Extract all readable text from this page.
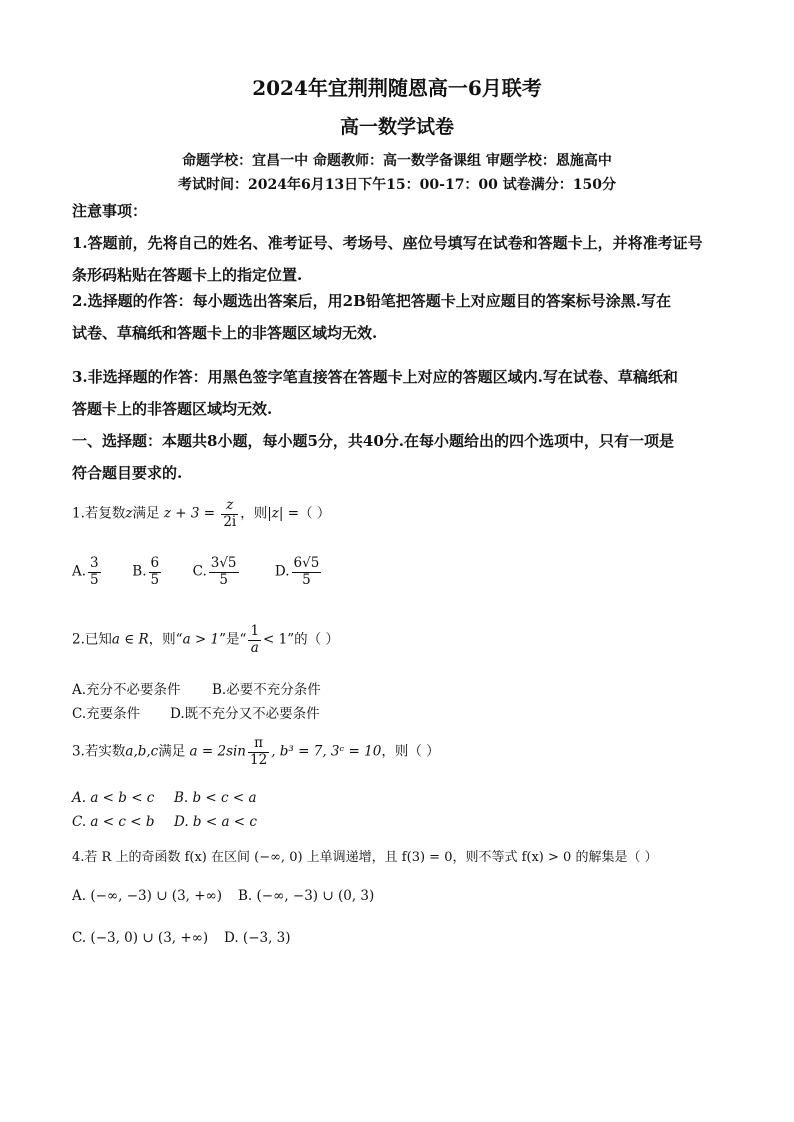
2024年宜荆荆随恩高一6月联考
高一数学试卷
命题学校：宜昌一中 命题教师：高一数学备课组 审题学校：恩施高中
考试时间：2024年6月13日下午15：00-17：00 试卷满分：150分
注意事项：
1.答题前，先将自己的姓名、准考证号、考场号、座位号填写在试卷和答题卡上，并将准考证号
条形码粘贴在答题卡上的指定位置.
2.选择题的作答：每小题选出答案后，用2B铅笔把答题卡上对应题目的答案标号涂黑.写在
试卷、草稿纸和答题卡上的非答题区域均无效.
3.非选择题的作答：用黑色签字笔直接答在答题卡上对应的答题区域内.写在试卷、草稿纸和
答题卡上的非答题区域均无效.
一、选择题：本题共8小题，每小题5分，共40分.在每小题给出的四个选项中，只有一项是
符合题目要求的.
1.若复数z满足 $z + 3 = \frac{z}{2i}$ ，则|z| =（ ）
A. $\frac{3}{5} B$. $\frac{6}{5} C$. $\frac{3√5}{5}$	D. $\frac{6√5}{5}$
2.已知a ∈ R，则“a > 1”是“ $\frac{1}{a} < 1$”的（ ）
A.充分不必要条件 B.必要不充分条件
C.充要条件 D.既不充分又不必要条件
3.若实数a,b,c满足 $a = 2\sin \frac{\pi}{12}$ , b³ = 7, 3ᶜ = 10，则（ ）
A. a < b < c B. b < c < a
C. a < c < b D. b < a < c
4.若 R 上的奇函数 f(x) 在区间 (−∞, 0) 上单调递增，且 f(3) = 0，则不等式 f(x) > 0 的解集是（ ）
A. (−∞, −3) ∪ (3, +∞) B. (−∞, −3) ∪ (0, 3)
C. (−3, 0) ∪ (3, +∞) D. (−3, 3)
